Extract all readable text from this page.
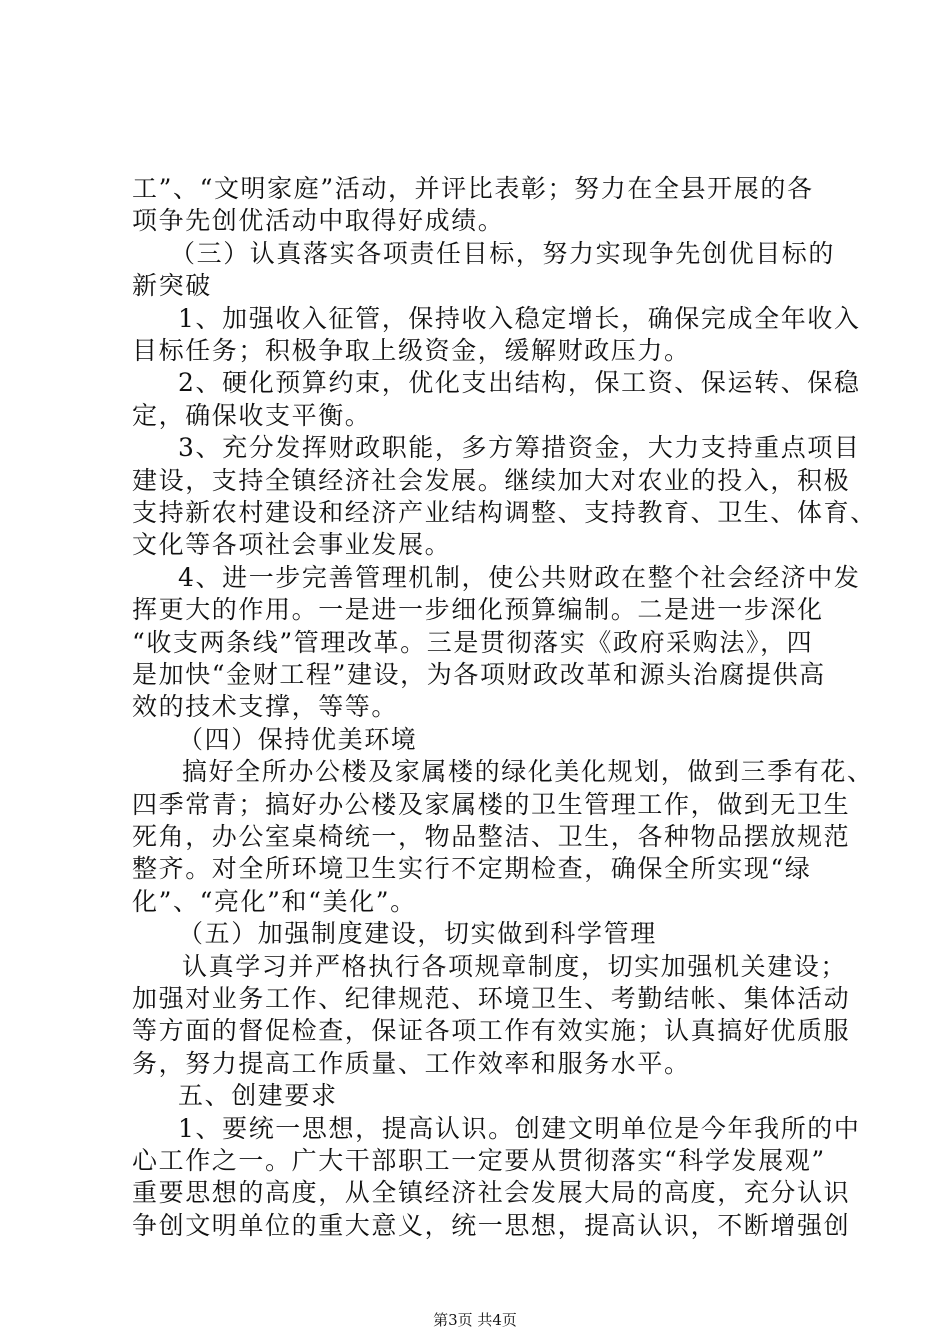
工”、“文明家庭”活动，并评比表彰；努力在全县开展的各
项争先创优活动中取得好成绩。
（三）认真落实各项责任目标，努力实现争先创优目标的
新突破
1、加强收入征管，保持收入稳定增长，确保完成全年收入
目标任务；积极争取上级资金，缓解财政压力。
2、硬化预算约束，优化支出结构，保工资、保运转、保稳
定，确保收支平衡。
3、充分发挥财政职能，多方筹措资金，大力支持重点项目
建设，支持全镇经济社会发展。继续加大对农业的投入，积极
支持新农村建设和经济产业结构调整、支持教育、卫生、体育、
文化等各项社会事业发展。
4、进一步完善管理机制，使公共财政在整个社会经济中发
挥更大的作用。一是进一步细化预算编制。二是进一步深化
“收支两条线”管理改革。三是贯彻落实《政府采购法》，四
是加快“金财工程”建设，为各项财政改革和源头治腐提供高
效的技术支撑，等等。
（四）保持优美环境
搞好全所办公楼及家属楼的绿化美化规划，做到三季有花、
四季常青；搞好办公楼及家属楼的卫生管理工作，做到无卫生
死角，办公室桌椅统一，物品整洁、卫生，各种物品摆放规范
整齐。对全所环境卫生实行不定期检查，确保全所实现“绿
化”、“亮化”和“美化”。
（五）加强制度建设，切实做到科学管理
认真学习并严格执行各项规章制度，切实加强机关建设；
加强对业务工作、纪律规范、环境卫生、考勤结帐、集体活动
等方面的督促检查，保证各项工作有效实施；认真搞好优质服
务，努力提高工作质量、工作效率和服务水平。
五、创建要求
1、要统一思想，提高认识。创建文明单位是今年我所的中
心工作之一。广大干部职工一定要从贯彻落实“科学发展观”
重要思想的高度，从全镇经济社会发展大局的高度，充分认识
争创文明单位的重大意义，统一思想，提高认识，不断增强创
第3页 共4页
